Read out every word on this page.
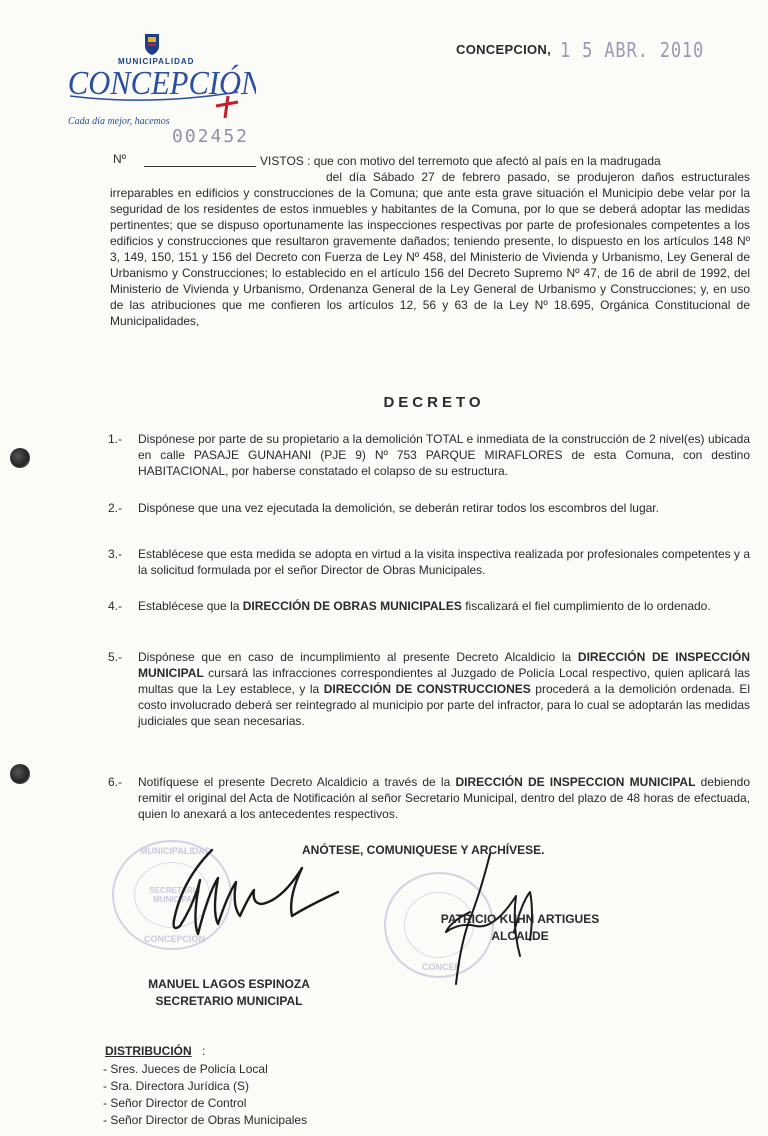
MUNICIPALIDAD
CONCEPCIÓN
Cada día mejor, hacemos
CONCEPCION, 1 5 ABR. 2010
002452
Nº	VISTOS : que con motivo del terremoto que afectó al país en la madrugada
del día Sábado 27 de febrero pasado, se produjeron daños estructurales irreparables en edificios y construcciones de la Comuna; que ante esta grave situación el Municipio debe velar por la seguridad de los residentes de estos inmuebles y habitantes de la Comuna, por lo que se deberá adoptar las medidas pertinentes; que se dispuso oportunamente las inspecciones respectivas por parte de profesionales competentes a los edificios y construcciones que resultaron gravemente dañados; teniendo presente, lo dispuesto en los artículos 148 Nº 3, 149, 150, 151 y 156 del Decreto con Fuerza de Ley Nº 458, del Ministerio de Vivienda y Urbanismo, Ley General de Urbanismo y Construcciones; lo establecido en el artículo 156 del Decreto Supremo Nº 47, de 16 de abril de 1992, del Ministerio de Vivienda y Urbanismo, Ordenanza General de la Ley General de Urbanismo y Construcciones; y, en uso de las atribuciones que me confieren los artículos 12, 56 y 63 de la Ley Nº 18.695, Orgánica Constitucional de Municipalidades,
DECRETO
1.-	Dispónese por parte de su propietario a la demolición TOTAL e inmediata de la construcción de 2 nivel(es) ubicada en calle PASAJE GUNAHANI (PJE 9) Nº 753 PARQUE MIRAFLORES de esta Comuna, con destino HABITACIONAL, por haberse constatado el colapso de su estructura.
2.-	Dispónese que una vez ejecutada la demolición, se deberán retirar todos los escombros del lugar.
3.-	Establécese que esta medida se adopta en virtud a la visita inspectiva realizada por profesionales competentes y a la solicitud formulada por el señor Director de Obras Municipales.
4.-	Establécese que la DIRECCIÓN DE OBRAS MUNICIPALES fiscalizará el fiel cumplimiento de lo ordenado.
5.-	Dispónese que en caso de incumplimiento al presente Decreto Alcaldicio la DIRECCIÓN DE INSPECCIÓN MUNICIPAL cursará las infracciones correspondientes al Juzgado de Policía Local respectivo, quien aplicará las multas que la Ley establece, y la DIRECCIÓN DE CONSTRUCCIONES procederá a la demolición ordenada. El costo involucrado deberá ser reintegrado al municipio por parte del infractor, para lo cual se adoptarán las medidas judiciales que sean necesarias.
6.-	Notifíquese el presente Decreto Alcaldicio a través de la DIRECCIÓN DE INSPECCION MUNICIPAL debiendo remitir el original del Acta de Notificación al señor Secretario Municipal, dentro del plazo de 48 horas de efectuada, quien lo anexará a los antecedentes respectivos.
ANÓTESE, COMUNIQUESE Y ARCHÍVESE.
MUNICIPALIDAD
SECRETARIA MUNICIPAL
CONCEPCION
CONCEP
PATRICIO KUHN ARTIGUES
ALCALDE
MANUEL LAGOS ESPINOZA
SECRETARIO MUNICIPAL
DISTRIBUCIÓN :
- Sres. Jueces de Policía Local
- Sra. Directora Jurídica (S)
- Señor Director de Control
- Señor Director de Obras Municipales
